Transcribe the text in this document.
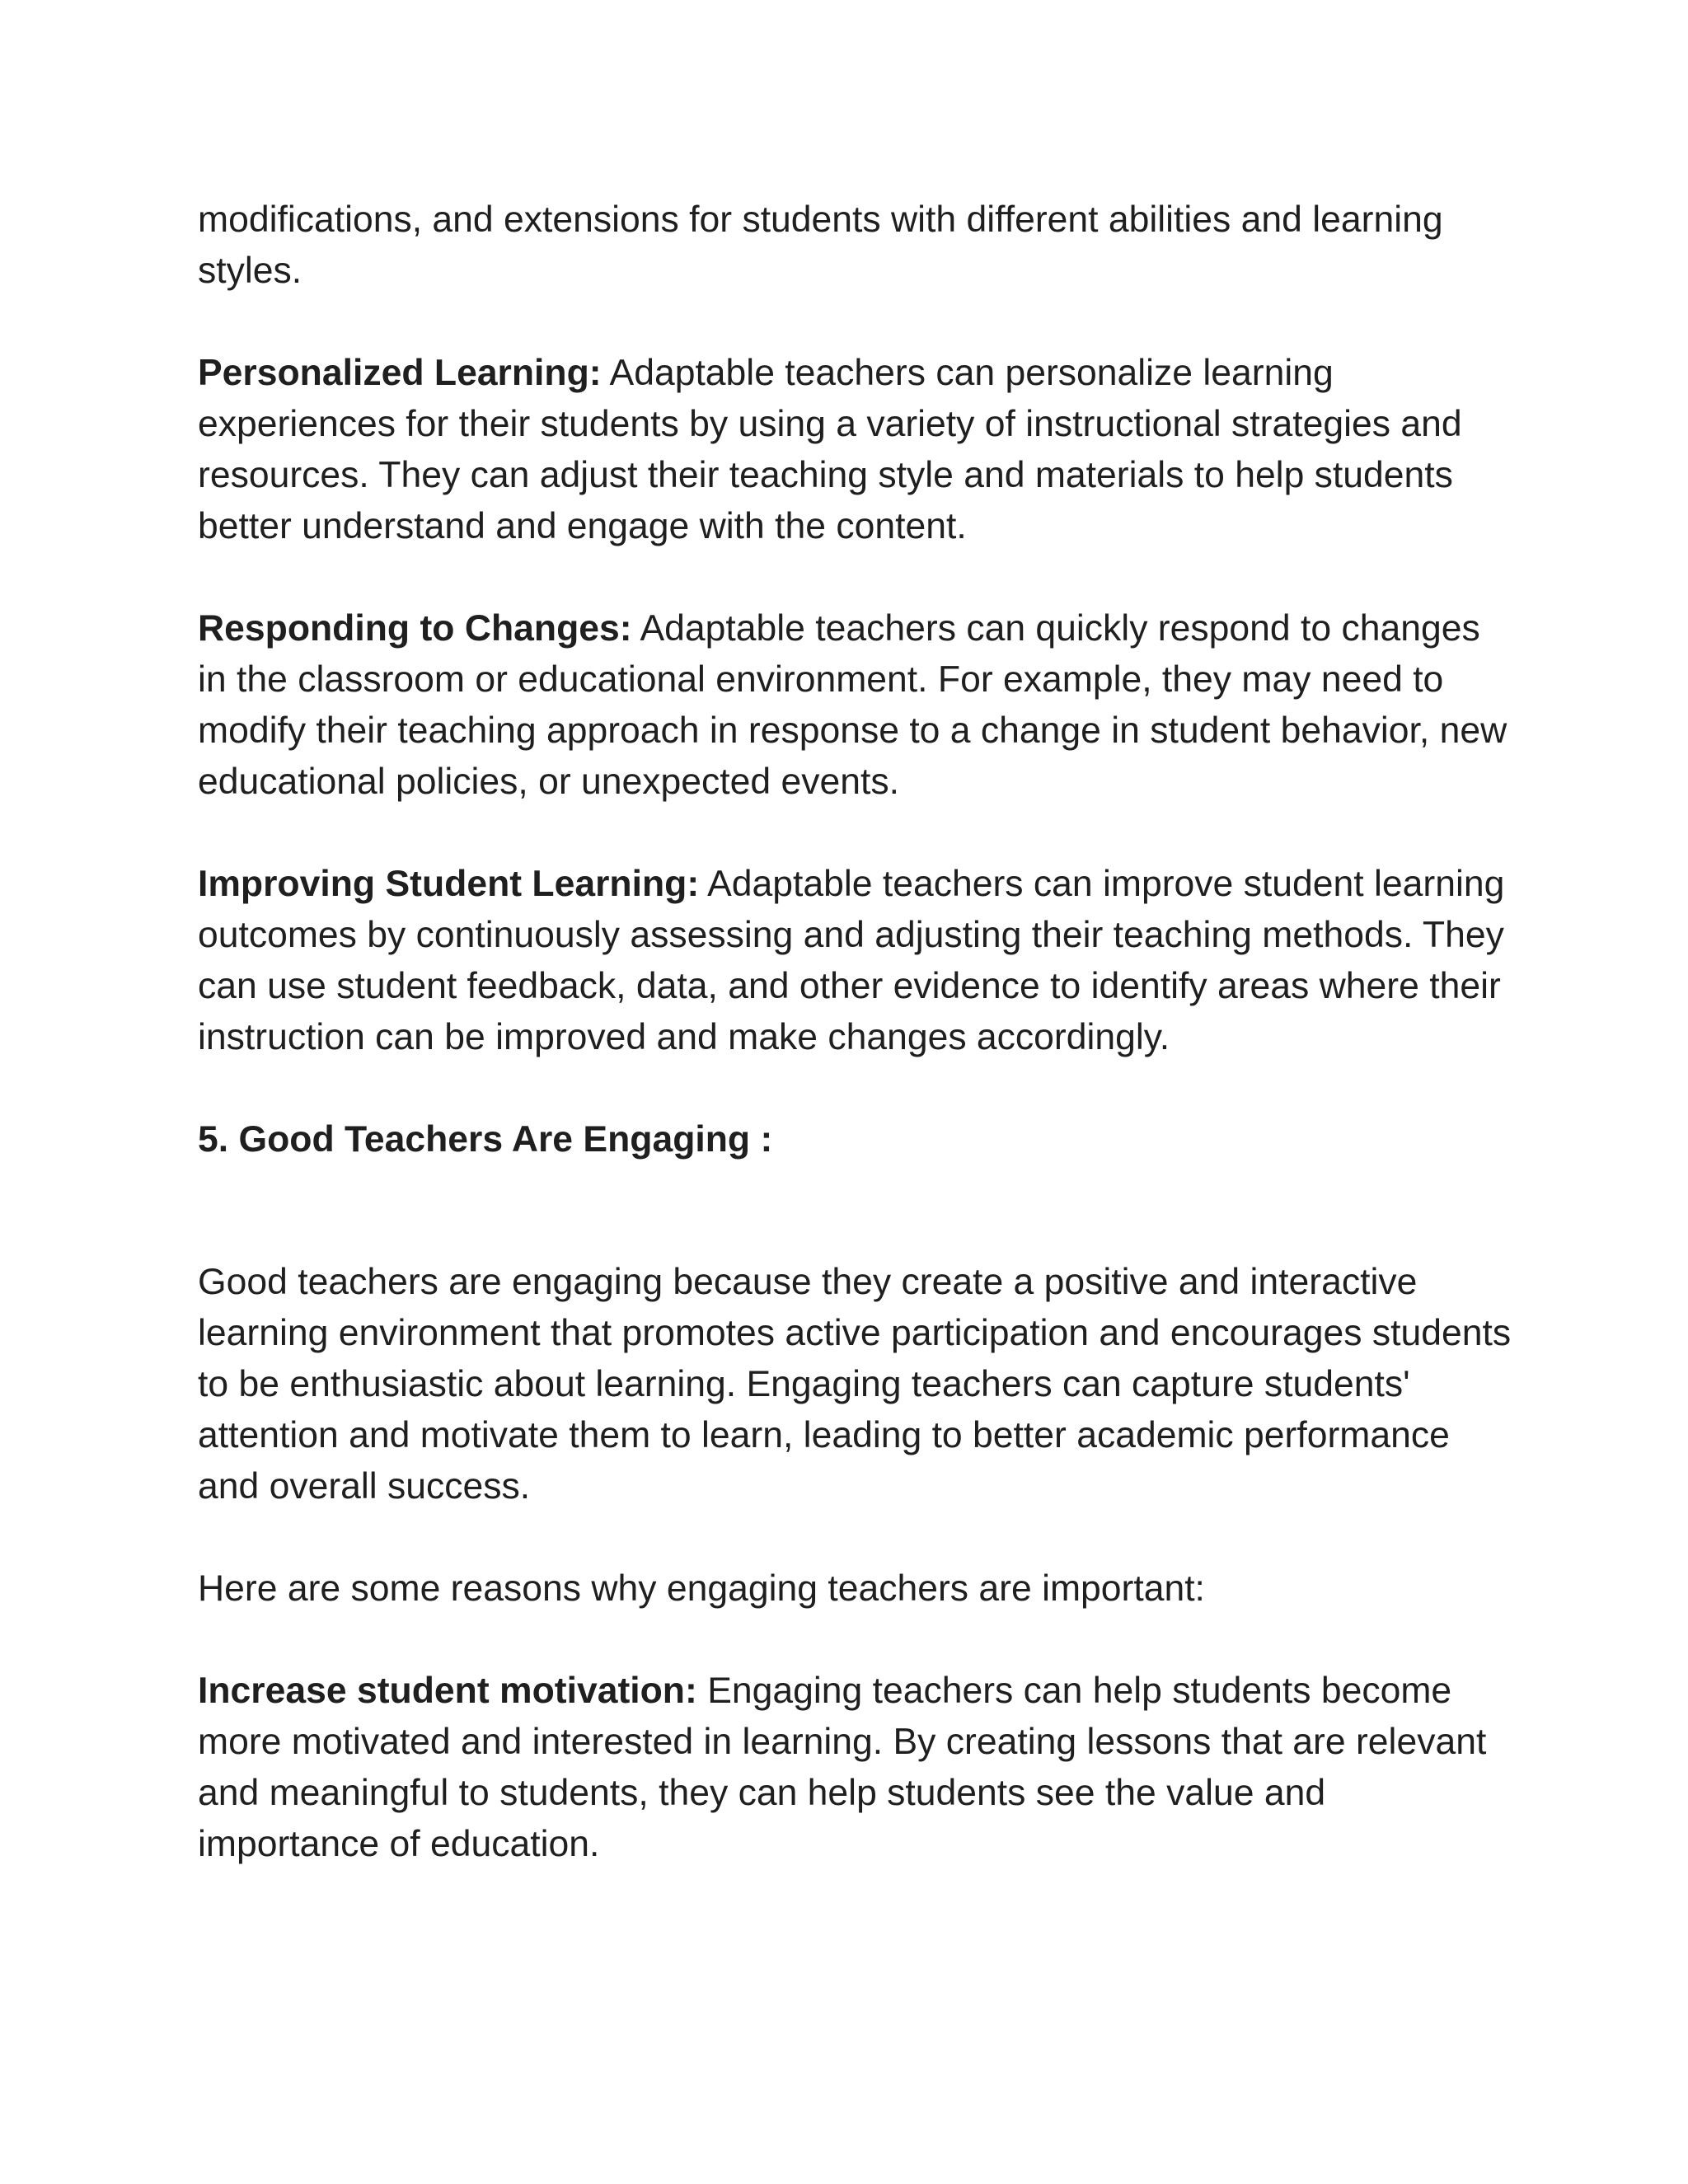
modifications, and extensions for students with different abilities and learning styles.

Personalized Learning: Adaptable teachers can personalize learning experiences for their students by using a variety of instructional strategies and resources. They can adjust their teaching style and materials to help students better understand and engage with the content.

Responding to Changes: Adaptable teachers can quickly respond to changes in the classroom or educational environment. For example, they may need to modify their teaching approach in response to a change in student behavior, new educational policies, or unexpected events.

Improving Student Learning: Adaptable teachers can improve student learning outcomes by continuously assessing and adjusting their teaching methods. They can use student feedback, data, and other evidence to identify areas where their instruction can be improved and make changes accordingly.

5. Good Teachers Are Engaging :

Good teachers are engaging because they create a positive and interactive learning environment that promotes active participation and encourages students to be enthusiastic about learning. Engaging teachers can capture students' attention and motivate them to learn, leading to better academic performance and overall success.

Here are some reasons why engaging teachers are important:

Increase student motivation: Engaging teachers can help students become more motivated and interested in learning. By creating lessons that are relevant and meaningful to students, they can help students see the value and importance of education.
